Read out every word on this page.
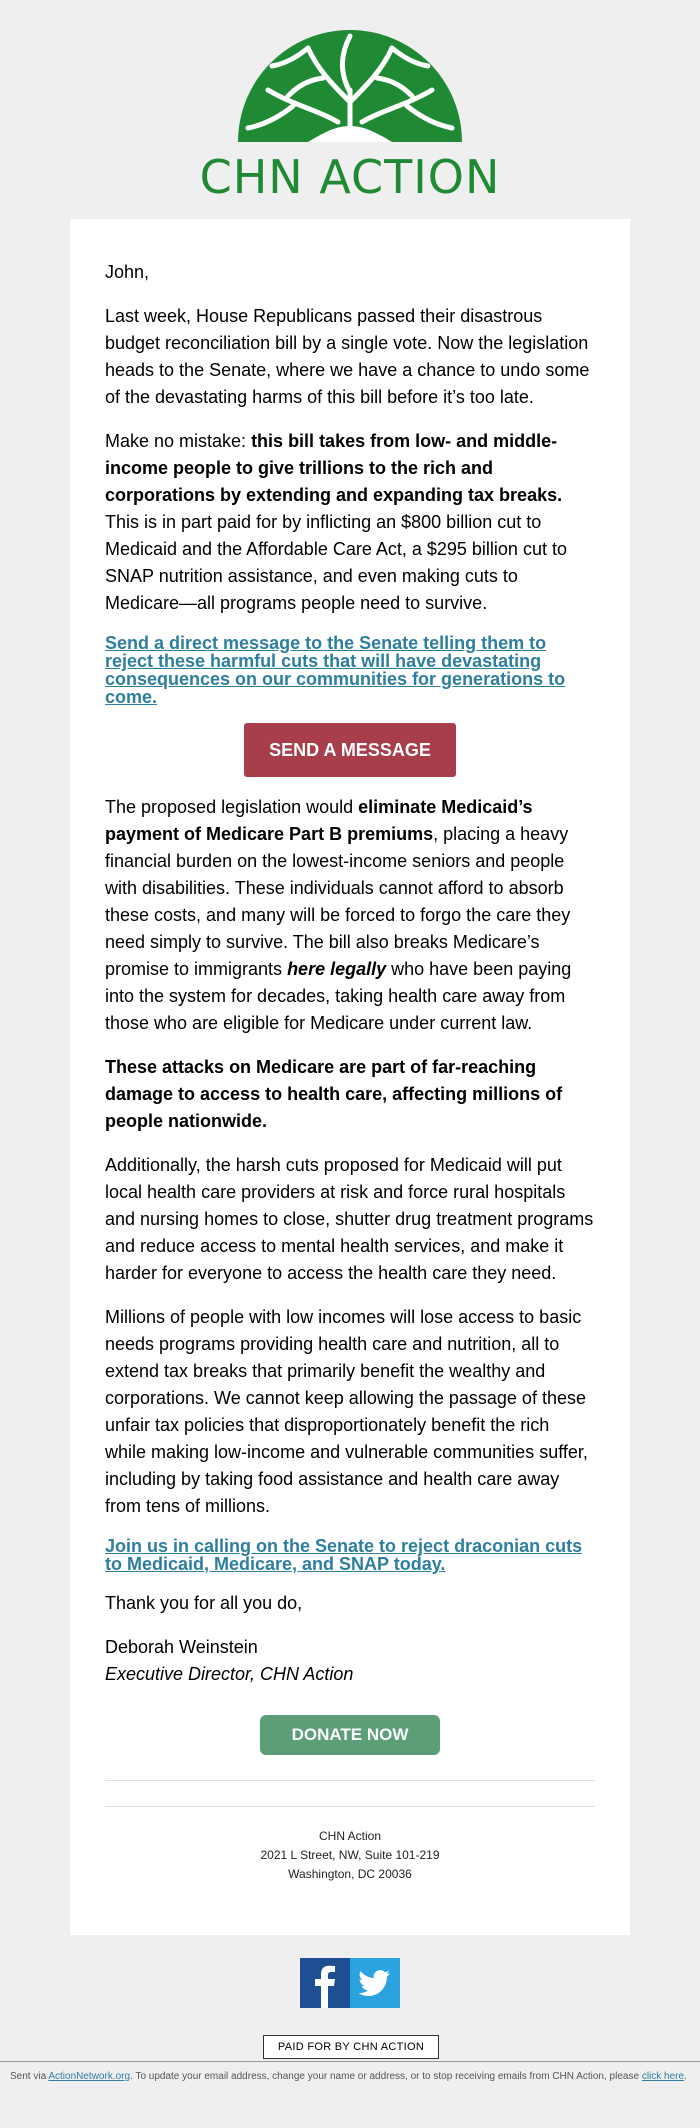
CHN ACTION

John,

Last week, House Republicans passed their disastrous budget reconciliation bill by a single vote. Now the legislation heads to the Senate, where we have a chance to undo some of the devastating harms of this bill before it’s too late.

Make no mistake: this bill takes from low- and middle-income people to give trillions to the rich and corporations by extending and expanding tax breaks. This is in part paid for by inflicting an $800 billion cut to Medicaid and the Affordable Care Act, a $295 billion cut to SNAP nutrition assistance, and even making cuts to Medicare—all programs people need to survive.

Send a direct message to the Senate telling them to reject these harmful cuts that will have devastating consequences on our communities for generations to come.
SEND A MESSAGE

The proposed legislation would eliminate Medicaid’s payment of Medicare Part B premiums, placing a heavy financial burden on the lowest-income seniors and people with disabilities. These individuals cannot afford to absorb these costs, and many will be forced to forgo the care they need simply to survive. The bill also breaks Medicare’s promise to immigrants here legally who have been paying into the system for decades, taking health care away from those who are eligible for Medicare under current law.

These attacks on Medicare are part of far-reaching damage to access to health care, affecting millions of people nationwide.

Additionally, the harsh cuts proposed for Medicaid will put local health care providers at risk and force rural hospitals and nursing homes to close, shutter drug treatment programs and reduce access to mental health services, and make it harder for everyone to access the health care they need.

Millions of people with low incomes will lose access to basic needs programs providing health care and nutrition, all to extend tax breaks that primarily benefit the wealthy and corporations. We cannot keep allowing the passage of these unfair tax policies that disproportionately benefit the rich while making low-income and vulnerable communities suffer, including by taking food assistance and health care away from tens of millions.

Join us in calling on the Senate to reject draconian cuts to Medicaid, Medicare, and SNAP today.

Thank you for all you do,

Deborah Weinstein
Executive Director, CHN Action
DONATE NOW
CHN Action
2021 L Street, NW, Suite 101-219
Washington, DC 20036
PAID FOR BY CHN ACTION
Sent via ActionNetwork.org. To update your email address, change your name or address, or to stop receiving emails from CHN Action, please click here.
